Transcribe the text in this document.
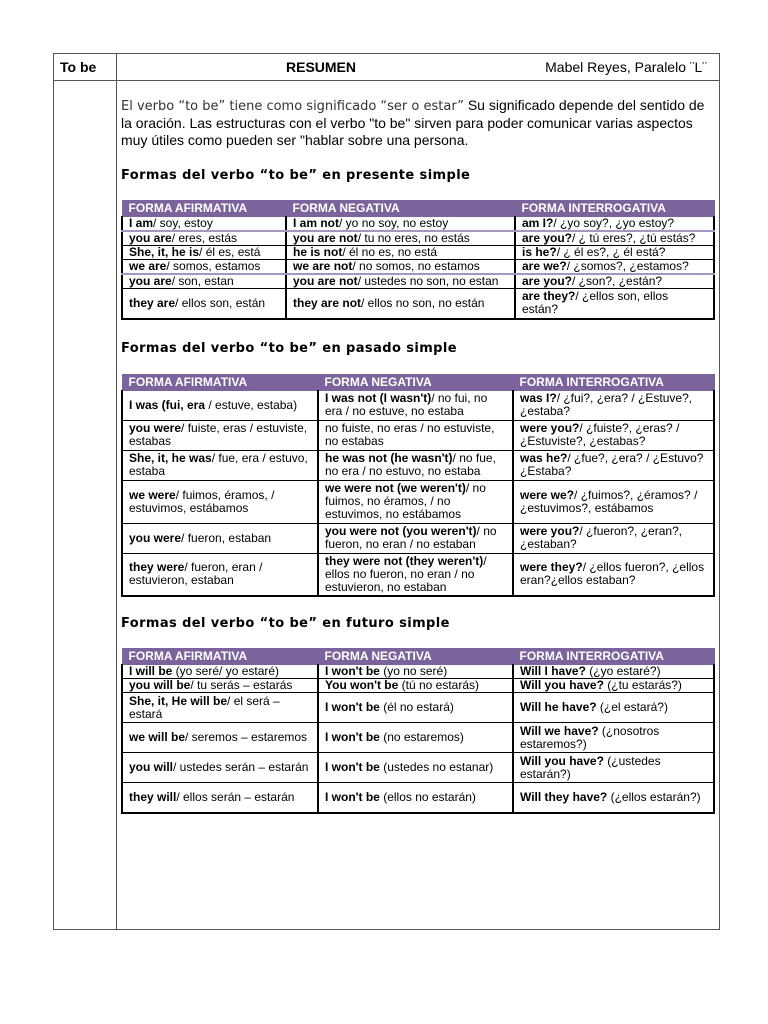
To be	RESUMEN	Mabel Reyes, Paralelo ¨L¨

El verbo “to be” tiene como significado “ser o estar” Su significado depende del sentido de la oración. Las estructuras con el verbo "to be" sirven para poder comunicar varias aspectos muy útiles como pueden ser "hablar sobre una persona.

Formas del verbo “to be” en presente simple

FORMA AFIRMATIVA	FORMA NEGATIVA	FORMA INTERROGATIVA
I am/ soy, estoy	I am not/ yo no soy, no estoy	am I?/ ¿yo soy?, ¿yo estoy?
you are/ eres, estás	you are not/ tu no eres, no estás	are you?/ ¿ tú eres?, ¿tú estás?
She, it, he is/ él es, está	he is not/ él no es, no está	is he?/ ¿ él es?, ¿ él está?
we are/ somos, estamos	we are not/ no somos, no estamos	are we?/ ¿somos?, ¿estamos?
you are/ son, estan	you are not/ ustedes no son, no estan	are you?/ ¿son?, ¿están?
they are/ ellos son, están	they are not/ ellos no son, no están	are they?/ ¿ellos son, ellos están?

Formas del verbo “to be” en pasado simple

FORMA AFIRMATIVA	FORMA NEGATIVA	FORMA INTERROGATIVA
I was (fui, era / estuve, estaba)	I was not (I wasn't)/ no fui, no era / no estuve, no estaba	was I?/ ¿fui?, ¿era? / ¿Estuve?, ¿estaba?
you were/ fuiste, eras / estuviste, estabas	no fuiste, no eras / no estuviste, no estabas	were you?/ ¿fuiste?, ¿eras? / ¿Estuviste?, ¿estabas?
She, it, he was/ fue, era / estuvo, estaba	he was not (he wasn't)/ no fue, no era / no estuvo, no estaba	was he?/ ¿fue?, ¿era? / ¿Estuvo? ¿Estaba?
we were/ fuimos, éramos, / estuvimos, estábamos	we were not (we weren't)/ no fuimos, no éramos, / no estuvimos, no estábamos	were we?/ ¿fuimos?, ¿éramos? / ¿estuvimos?, estábamos
you were/ fueron, estaban	you were not (you weren't)/ no fueron, no eran / no estaban	were you?/ ¿fueron?, ¿eran?, ¿estaban?
they were/ fueron, eran / estuvieron, estaban	they were not (they weren't)/ ellos no fueron, no eran / no estuvieron, no estaban	were they?/ ¿ellos fueron?, ¿ellos eran?¿ellos estaban?

Formas del verbo “to be” en futuro simple

FORMA AFIRMATIVA	FORMA NEGATIVA	FORMA INTERROGATIVA
I will be (yo seré/ yo estaré)	I won't be (yo no seré)	Will I have? (¿yo estaré?)
you will be/ tu serás – estarás	You won't be (tú no estarás)	Will you have? (¿tu estarás?)
She, it, He will be/ el será – estará	I won't be (él no estará)	Will he have? (¿el estará?)
we will be/ seremos – estaremos	I won't be (no estaremos)	Will we have? (¿nosotros estaremos?)
you will/ ustedes serán – estarán	I won't be (ustedes no estanar)	Will you have? (¿ustedes estarán?)
they will/ ellos serán – estarán	I won't be (ellos no estarán)	Will they have? (¿ellos estarán?)
